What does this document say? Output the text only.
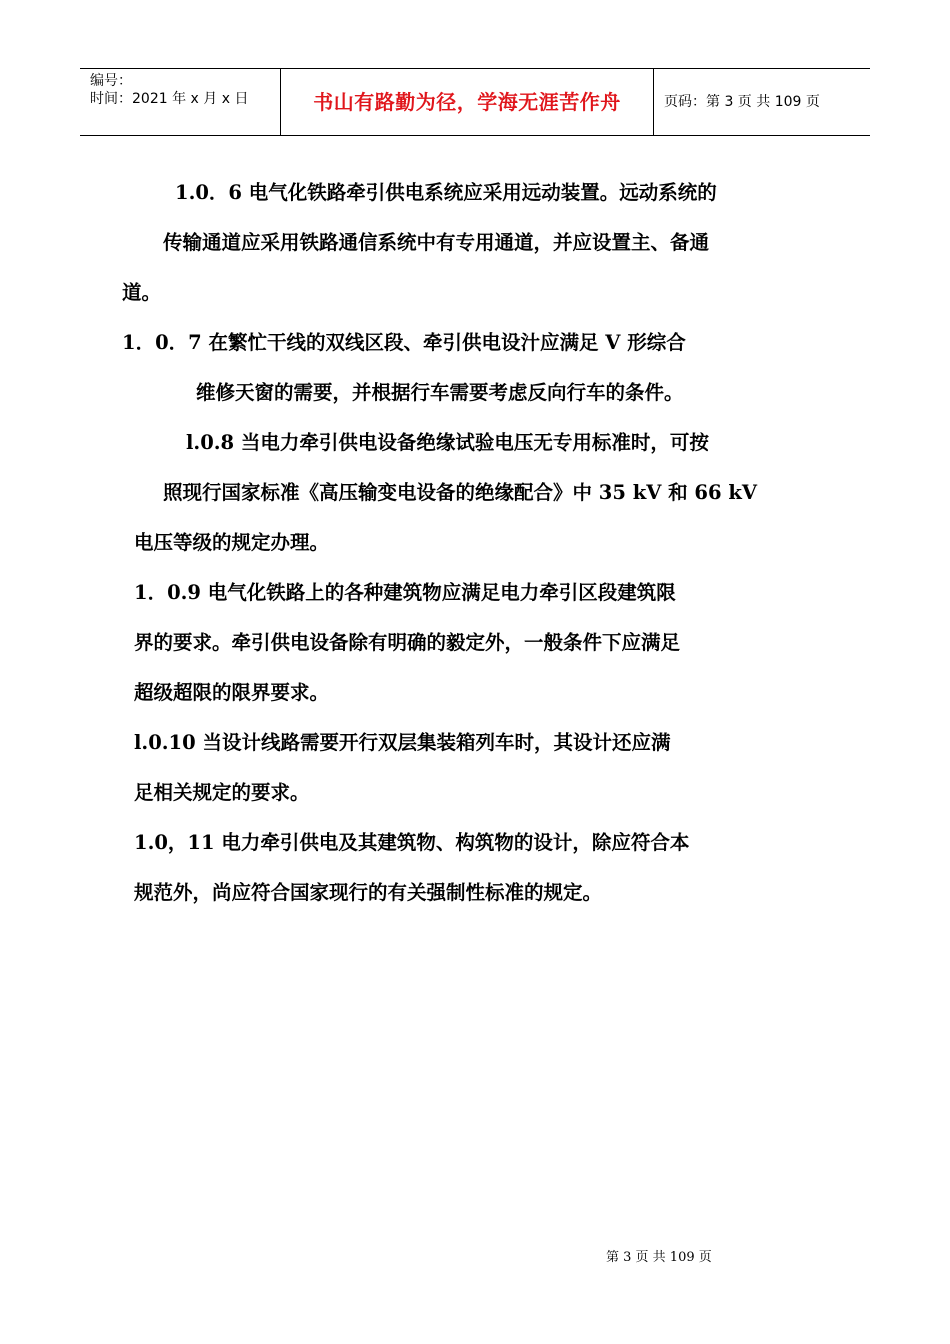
编号：
时间：2021 年 x 月 x 日	书山有路勤为径，学海无涯苦作舟	页码：第 3 页 共 109 页
1.0．6 电气化铁路牵引供电系统应采用远动装置。远动系统的
传输通道应采用铁路通信系统中有专用通道，并应设置主、备通
道。
1．0．7 在繁忙干线的双线区段、牵引供电设汁应满足 V 形综合
维修天窗的需要，并根据行车需要考虑反向行车的条件。
l.0.8 当电力牵引供电设备绝缘试验电压无专用标准时，可按
照现行国家标准《高压输变电设备的绝缘配合》中 35 kV 和 66 kV
电压等级的规定办理。
1．0.9 电气化铁路上的各种建筑物应满足电力牵引区段建筑限
界的要求。牵引供电设备除有明确的毅定外，一般条件下应满足
超级超限的限界要求。
l.0.10 当设计线路需要开行双层集装箱列车时，其设计还应满
足相关规定的要求。
1.0，11 电力牵引供电及其建筑物、构筑物的设计，除应符合本
规范外，尚应符合国家现行的有关强制性标准的规定。
第 3 页 共 109 页
